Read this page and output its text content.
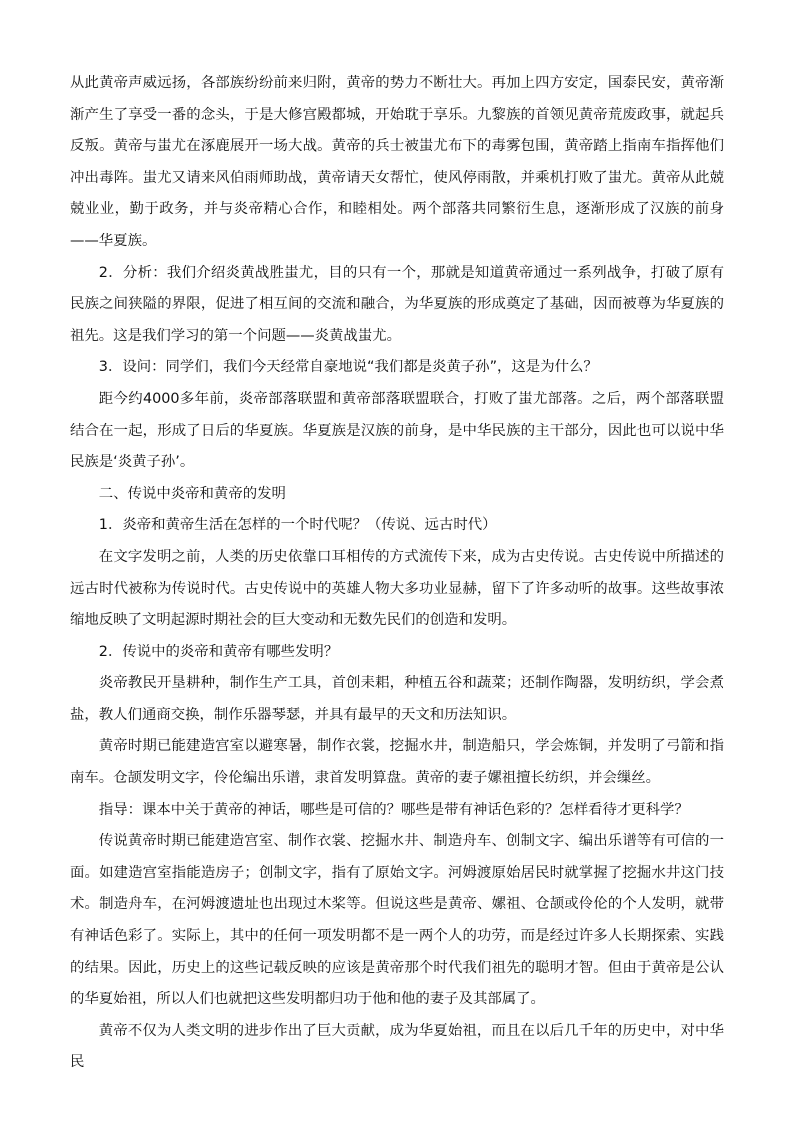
从此黄帝声威远扬，各部族纷纷前来归附，黄帝的势力不断壮大。再加上四方安定，国泰民安，黄帝渐渐产生了享受一番的念头，于是大修宫殿都城，开始耽于享乐。九黎族的首领见黄帝荒废政事，就起兵反叛。黄帝与蚩尤在涿鹿展开一场大战。黄帝的兵士被蚩尤布下的毒雾包围，黄帝踏上指南车指挥他们冲出毒阵。蚩尤又请来风伯雨师助战，黄帝请天女帮忙，使风停雨散，并乘机打败了蚩尤。黄帝从此兢兢业业，勤于政务，并与炎帝精心合作，和睦相处。两个部落共同繁衍生息，逐渐形成了汉族的前身——华夏族。

2．分析：我们介绍炎黄战胜蚩尤，目的只有一个，那就是知道黄帝通过一系列战争，打破了原有民族之间狭隘的界限，促进了相互间的交流和融合，为华夏族的形成奠定了基础，因而被尊为华夏族的祖先。这是我们学习的第一个问题——炎黄战蚩尤。

3．设问：同学们，我们今天经常自豪地说“我们都是炎黄子孙”，这是为什么？

距今约4000多年前，炎帝部落联盟和黄帝部落联盟联合，打败了蚩尤部落。之后，两个部落联盟结合在一起，形成了日后的华夏族。华夏族是汉族的前身，是中华民族的主干部分，因此也可以说中华民族是‘炎黄子孙’。

二、传说中炎帝和黄帝的发明

1．炎帝和黄帝生活在怎样的一个时代呢？（传说、远古时代）

在文字发明之前，人类的历史依靠口耳相传的方式流传下来，成为古史传说。古史传说中所描述的远古时代被称为传说时代。古史传说中的英雄人物大多功业显赫，留下了许多动听的故事。这些故事浓缩地反映了文明起源时期社会的巨大变动和无数先民们的创造和发明。

2．传说中的炎帝和黄帝有哪些发明？

炎帝教民开垦耕种，制作生产工具，首创耒耜，种植五谷和蔬菜；还制作陶器，发明纺织，学会煮盐，教人们通商交换，制作乐器琴瑟，并具有最早的天文和历法知识。

黄帝时期已能建造宫室以避寒暑，制作衣裳，挖掘水井，制造船只，学会炼铜，并发明了弓箭和指南车。仓颉发明文字，伶伦编出乐谱，隶首发明算盘。黄帝的妻子嫘祖擅长纺织，并会缫丝。

指导：课本中关于黄帝的神话，哪些是可信的？哪些是带有神话色彩的？怎样看待才更科学？

传说黄帝时期已能建造宫室、制作衣裳、挖掘水井、制造舟车、创制文字、编出乐谱等有可信的一面。如建造宫室指能造房子；创制文字，指有了原始文字。河姆渡原始居民时就掌握了挖掘水井这门技术。制造舟车，在河姆渡遗址也出现过木桨等。但说这些是黄帝、嫘祖、仓颉或伶伦的个人发明，就带有神话色彩了。实际上，其中的任何一项发明都不是一两个人的功劳，而是经过许多人长期探索、实践的结果。因此，历史上的这些记载反映的应该是黄帝那个时代我们祖先的聪明才智。但由于黄帝是公认的华夏始祖，所以人们也就把这些发明都归功于他和他的妻子及其部属了。

黄帝不仅为人类文明的进步作出了巨大贡献，成为华夏始祖，而且在以后几千年的历史中，对中华民
